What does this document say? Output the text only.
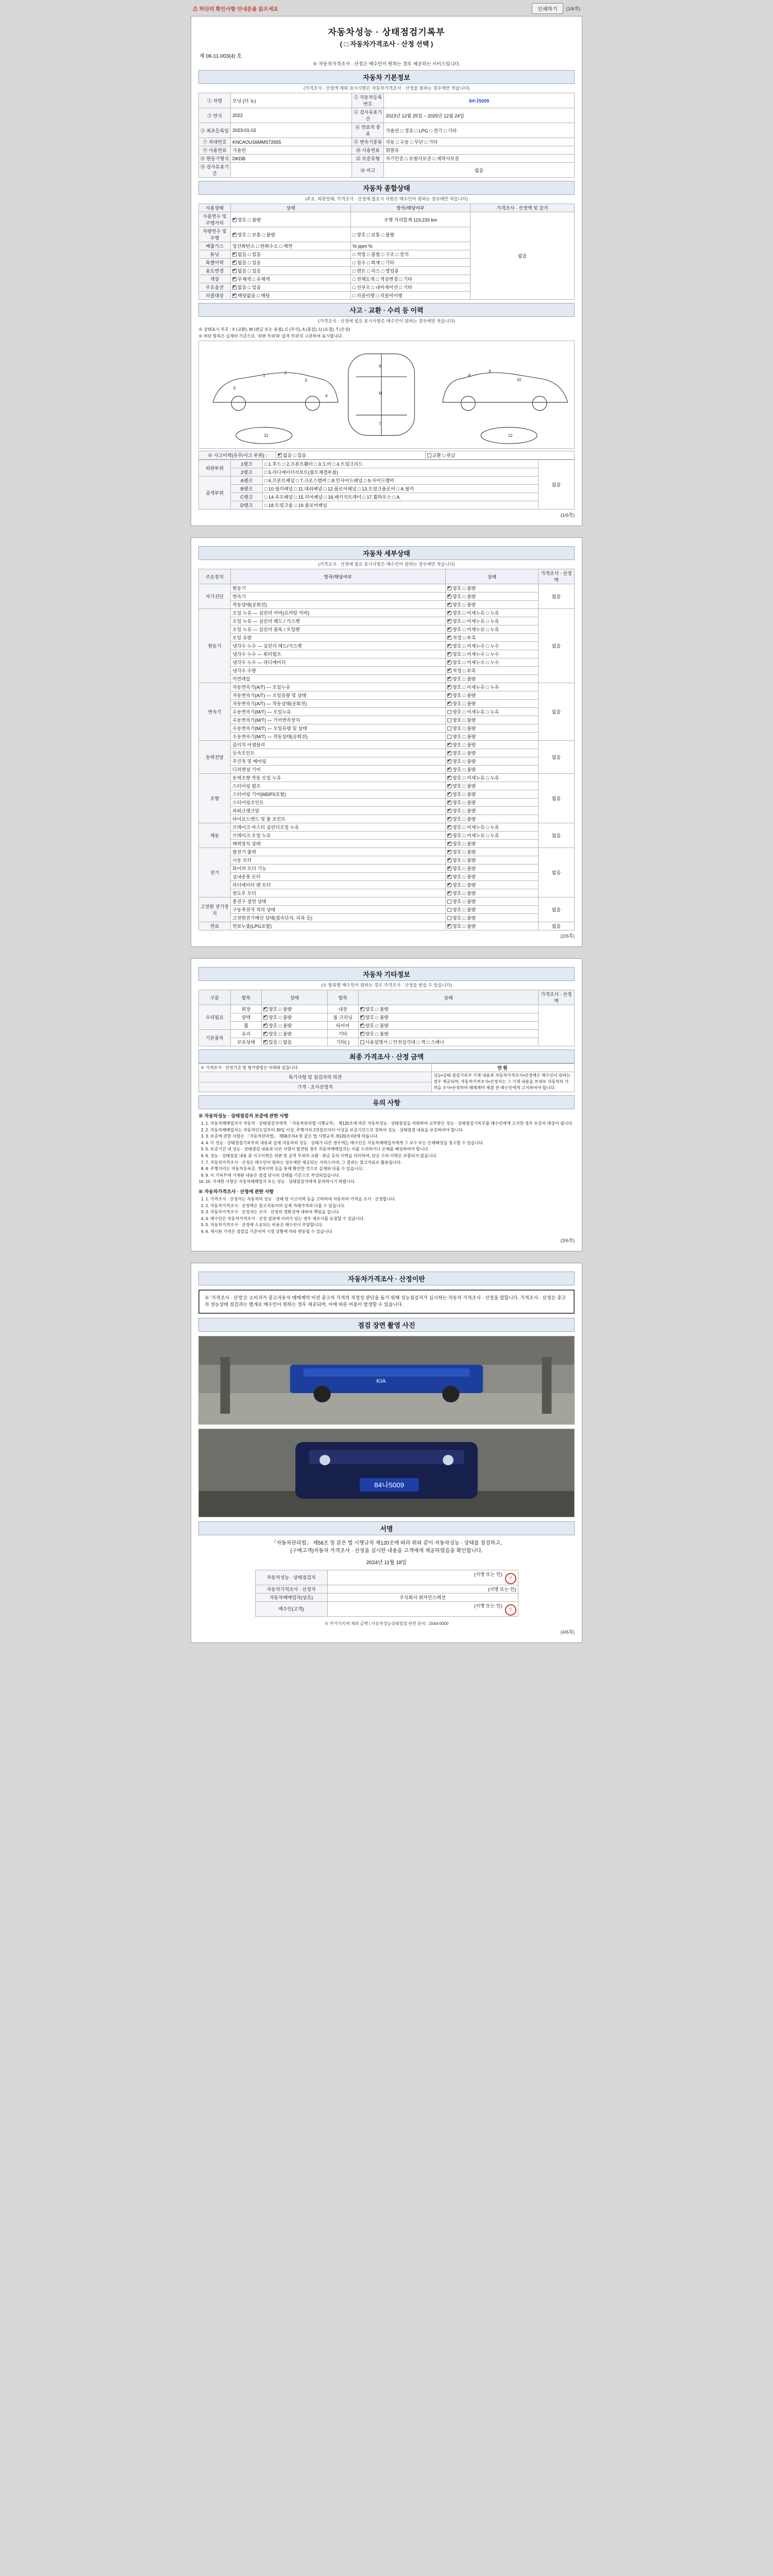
⚠ 하단의 확인사항 안내문을 읽으세요	인쇄하기	(1/6쪽)
자동차성능 · 상태점검기록부
( □ 자동차가격조사 · 산정 선택 )
제 06-11-003(4) 호
※ 자동차가격조사 · 산정은 매수인이 원하는 경우 제공하는 서비스입니다.
자동차 기본정보
(가격조사 · 산정액 제외 표시사항은 자동차가격조사 · 산정을 원하는 경우에만 적습니다)
① 차명	모닝 (더 뉴)	② 자동차등록번호	84나5009
③ 연식	2022	④ 검사유효기간	2023년 12월 25일 ~ 2025년 12월 24일
⑤ 최초등록일	2023-01-02	⑥ 연료의 종류	가솔린 □ 경유 □ LPG □ 전기 □ 기타
⑦ 차대번호	KNCAOU16MMS72655	⑧ 변속기종류	자동 □ 수동 □ 무단 □ 기타
⑨ 사용연료	가솔린	⑩ 사용연료	휘발유
⑪ 원동기형식	DKDB	⑫ 보증유형	자기인증 □ 보험사보증 □ 제작사보증
⑬ 검사유효기간		⑭ 비고	없음
자동차 종합상태
(주요, 외판상태, 가격조사 · 산정에 필요시 사항은 매수인이 원하는 경우에만 적습니다)
사용상태	상태	항목/해당여부	가격조사 · 산정액 및 감가
사용연수 및 주행거리	✔양호 □ 불량	주행 거리합계 119,233 km	없음
차량연수 및 주행	✔양호 □ 보통 □ 불량	□ 양호 □ 보통 □ 불량	
배출가스	일산화탄소 □ 탄화수소 □ 매연	% ppm %	
튜닝	✔없음 □ 있음	□ 적법 □ 불법 □ 구조 □ 장치	
특별이력	✔없음 □ 있음	□ 침수 □ 화재 □ 기타	
용도변경	✔없음 □ 있음	□ 렌트 □ 리스 □ 영업용	
색상	✔무채색 □ 유채색	□ 전체도색 □ 색상변경 □ 기타	
주요옵션	✔없음 □ 있음	□ 선루프 □ 내비게이션 □ 기타	
리콜대상	✔해당없음 □ 해당	□ 리콜이행 □ 리콜미이행	
사고 · 교환 · 수리 등 이력
(가격조사 · 산정에 필요 표시사항은 매수인이 원하는 경우에만 적습니다)
※ 상태표시 부호 : X (교환), W (판금 또는 용접), C (부식), A (흠집), U (요철), T (손상)
※ 하단 항목은 실제의 기준으로, '외판 부위'와 '골격 부위'로 구분하여 표시합니다.
1
2
3
4
5
6
M
7
8
9
10
11	12
※ 사고이력(유무/사고 부위) :	✔없음 □ 있음	교환 □ 판금
외판부위	1랭크	□ 1.후드 □ 2.프론트휀더 □ 3.도어 □ 4.트렁크리드	없음
	2랭크	□ 5.라디에이터서포트(볼트체결부품)	
골격부위	A랭크	□ 6.프론트패널 □ 7.크로스멤버 □ 8.인사이드패널 □ 9.사이드멤버	
	B랭크	□ 10.필러패널 □ 11.대쉬패널 □ 12.플로어패널 □ 13.트렁크플로어 □ A.필러	
	C랭크	□ 14.루프패널 □ 15.리어패널 □ 16.패키지트레이 □ 17.휠하우스 □ A.	
	D랭크	□ 18.트렁크룸 □ 19.플로어패널	
(1/6쪽)
자동차 세부상태
(가격조사 · 산정에 필요 표시사항은 매수인이 원하는 경우에만 적습니다)
주요장치	항목/해당여부	상태	가격조사 · 산정액
자기진단	원동기	✔양호 □ 불량	없음
	변속기	✔양호 □ 불량
	작동상태(공회전)	✔양호 □ 불량
원동기	오일 누유 — 실린더 커버(로커암 커버)	✔양호 □ 미세누유 □ 누유	없음
	오일 누유 — 실린더 헤드 / 가스켓	✔양호 □ 미세누유 □ 누유
	오일 누유 — 실린더 블록 / 오일팬	✔양호 □ 미세누유 □ 누유
	오일 유량	✔적정 □ 부족
	냉각수 누수 — 실린더 헤드/가스켓	✔양호 □ 미세누수 □ 누수
	냉각수 누수 — 워터펌프	✔양호 □ 미세누수 □ 누수
	냉각수 누수 — 라디에이터	✔양호 □ 미세누수 □ 누수
	냉각수 수량	✔적정 □ 부족
	커먼레일	✔양호 □ 불량
변속기	자동변속기(A/T) — 오일누유	✔양호 □ 미세누유 □ 누유	없음
	자동변속기(A/T) — 오일유량 및 상태	✔양호 □ 불량
	자동변속기(A/T) — 작동상태(공회전)	✔양호 □ 불량
	수동변속기(M/T) — 오일누유	양호 □ 미세누유 □ 누유	
	수동변속기(M/T) — 기어변속장치	양호 □ 불량	
	수동변속기(M/T) — 오일유량 및 상태	양호 □ 불량	
	수동변속기(M/T) — 작동상태(공회전)	양호 □ 불량	
동력전달	클러치 어셈블리	✔양호 □ 불량	없음
	등속조인트	✔양호 □ 불량
	추진축 및 베어링	✔양호 □ 불량
	디퍼렌셜 기어	✔양호 □ 불량
조향	동력조향 작동 오일 누유	✔양호 □ 미세누유 □ 누유	없음
	스티어링 펌프	✔양호 □ 불량
	스티어링 기어(MDPS포함)	✔양호 □ 불량
	스티어링조인트	✔양호 □ 불량
	파워크랭크암	✔양호 □ 불량
	타이로드엔드 및 볼 조인트	✔양호 □ 불량
제동	브레이크 마스터 실린더오일 누유	✔양호 □ 미세누유 □ 누유	없음
	브레이크 오일 누유	✔양호 □ 미세누유 □ 누유
	배력장치 상태	✔양호 □ 불량
전기	발전기 출력	✔양호 □ 불량	없음
	시동 모터	✔양호 □ 불량
	와이퍼 모터 기능	✔양호 □ 불량
	실내송풍 모터	✔양호 □ 불량
	라디에이터 팬 모터	✔양호 □ 불량
	윈도우 모터	✔양호 □ 불량
고전원 전기장치	충전구 절연 상태	양호 □ 불량	없음
	구동축전지 격리 상태	양호 □ 불량	
	고전원전기배선 상태(접속단자, 피복 등)	양호 □ 불량	
연료	연료누출(LPG포함)	✔양호 □ 불량	없음
(2/6쪽)
자동차 기타정보
(※ 항목별 매수인이 원하는 경우 가격조사 · 산정을 받을 수 있습니다)
구분	항목	상태	항목	상태	가격조사 · 산정액
수리필요	외장	✔양호 □ 불량	내장	✔양호 □ 불량	
	광택	✔양호 □ 불량	룸 크리닝	✔양호 □ 불량
	휠	✔양호 □ 불량	타이어	✔양호 □ 불량
기본품목	유리	✔양호 □ 불량	기타	✔양호 □ 불량
	보유상태	✔있음 □ 없음	기타( )	사용설명서 □ 안전삼각대 □ 잭 □ 스패너	
최종 가격조사 · 산정 금액
※ 가격조사 · 산정기준 및 평가방법은 아래와 같습니다.	만원
특기사항 및 점검자의 의견	성능•상태 점검기록부 기재 내용과 자동차가격조사•산정액은 매수인이 원하는 경우 제공되며, 자동차가격조사•산정자는 그 기재 내용을 토대로 자동차의 가격을 조사•산정하여 매매계약 체결 전 매수인에게 고지하여야 합니다.
가격 · 조사산정자	
유의 사항
※ 자동차성능 · 상태점검자 보증에 관한 사항
1. 1. 자동차매매업자가 자동차 · 상태점검자에게 「자동차관리법 시행규칙」 제120조에 따른 자동차성능 · 상태점검을 의뢰하여 교부받은 성능 · 상태점검기록부를 매수인에게 고지한 경우 보증의 대상이 됩니다.
2. 2. 자동차매매업자는 자동차인도일부터 30일 이상, 주행거리 2천킬로미터 이상을 보증기간으로 정하여 성능 · 상태점검 내용을 보증하여야 합니다.
3. 3. 보증에 관한 사항은 「자동차관리법」 제58조의4 및 같은 법 시행규칙 제120조의2에 따릅니다.
4. 4. 이 성능 · 상태점검기록부의 내용과 실제 자동차의 성능 · 상태가 다른 경우에는 매수인은 자동차매매업자에게 그 보수 또는 손해배상을 청구할 수 있습니다.
5. 5. 보증기간 내 성능 · 상태점검 내용과 다른 사항이 발견된 경우 자동차매매업자는 이를 수리하거나 손해를 배상하여야 합니다.
6. 6. 성능 · 상태점검 내용 중 사고이력은 외판 및 골격 부위의 교환 · 판금 등의 이력을 의미하며, 단순 수리 이력은 포함되지 않습니다.
7. 7. 자동차가격조사 · 산정은 매수인이 원하는 경우에만 제공되는 서비스이며, 그 결과는 참고자료로 활용됩니다.
8. 8. 주행거리는 자동차등록증, 정비이력 등을 통해 확인한 것으로 실제와 다를 수 있습니다.
9. 9. 이 기록부에 기재된 내용은 점검 당시의 상태를 기준으로 작성되었습니다.
10. 10. 자세한 사항은 자동차매매업자 또는 성능 · 상태점검자에게 문의하시기 바랍니다.
※ 자동차가격조사 · 산정에 관한 사항
1. 1. 가격조사 · 산정자는 자동차의 성능 · 상태 및 사고이력 등을 고려하여 자동차의 가격을 조사 · 산정합니다.
2. 2. 자동차가격조사 · 산정액은 참고자료이며 실제 거래가격과 다를 수 있습니다.
3. 3. 자동차가격조사 · 산정자는 조사 · 산정의 정확성에 대하여 책임을 집니다.
4. 4. 매수인은 자동차가격조사 · 산정 결과에 이의가 있는 경우 재조사를 요청할 수 있습니다.
5. 5. 자동차가격조사 · 산정에 소요되는 비용은 매수인이 부담합니다.
6. 6. 제시된 가격은 점검일 기준이며 시장 상황에 따라 변동될 수 있습니다.
(3/6쪽)
자동차가격조사 · 산정이란
※ '가격조사 · 산정'은 소비자가 중고자동차 매매계약 이전 중고차 가격의 적정성 판단을 돕기 위해 성능점검자가 실시하는 자동차 가격조사 · 산정을 말합니다. 가격조사 · 산정은 중고차 성능상태 점검과는 별개로 매수인이 원하는 경우 제공되며, 이에 따른 비용이 발생할 수 있습니다.
점검 장면 촬영 사진
KIA
84나5009
서명
「자동차관리법」 제58조 및 같은 법 시행규칙 제120조에 따라 위와 같이 자동차성능 · 상태를 점검하고,
(구매고객)자동차 가격조사 · 산정을 실시한 내용을 고객에게 제공하였음을 확인합니다.
2024년 11월 18일
자동차성능 · 상태점검자	(서명 또는 인)인
자동차가격조사 · 산정자	(서명 또는 인)
자동차매매업자(상호)	주식회사 위카인스펙션
매수인(고객)	(서명 또는 인)인
※ 부가가치세 제외 금액 / 자동차성능상태점검 관련 문의 : 1544-0000
(4/6쪽)
